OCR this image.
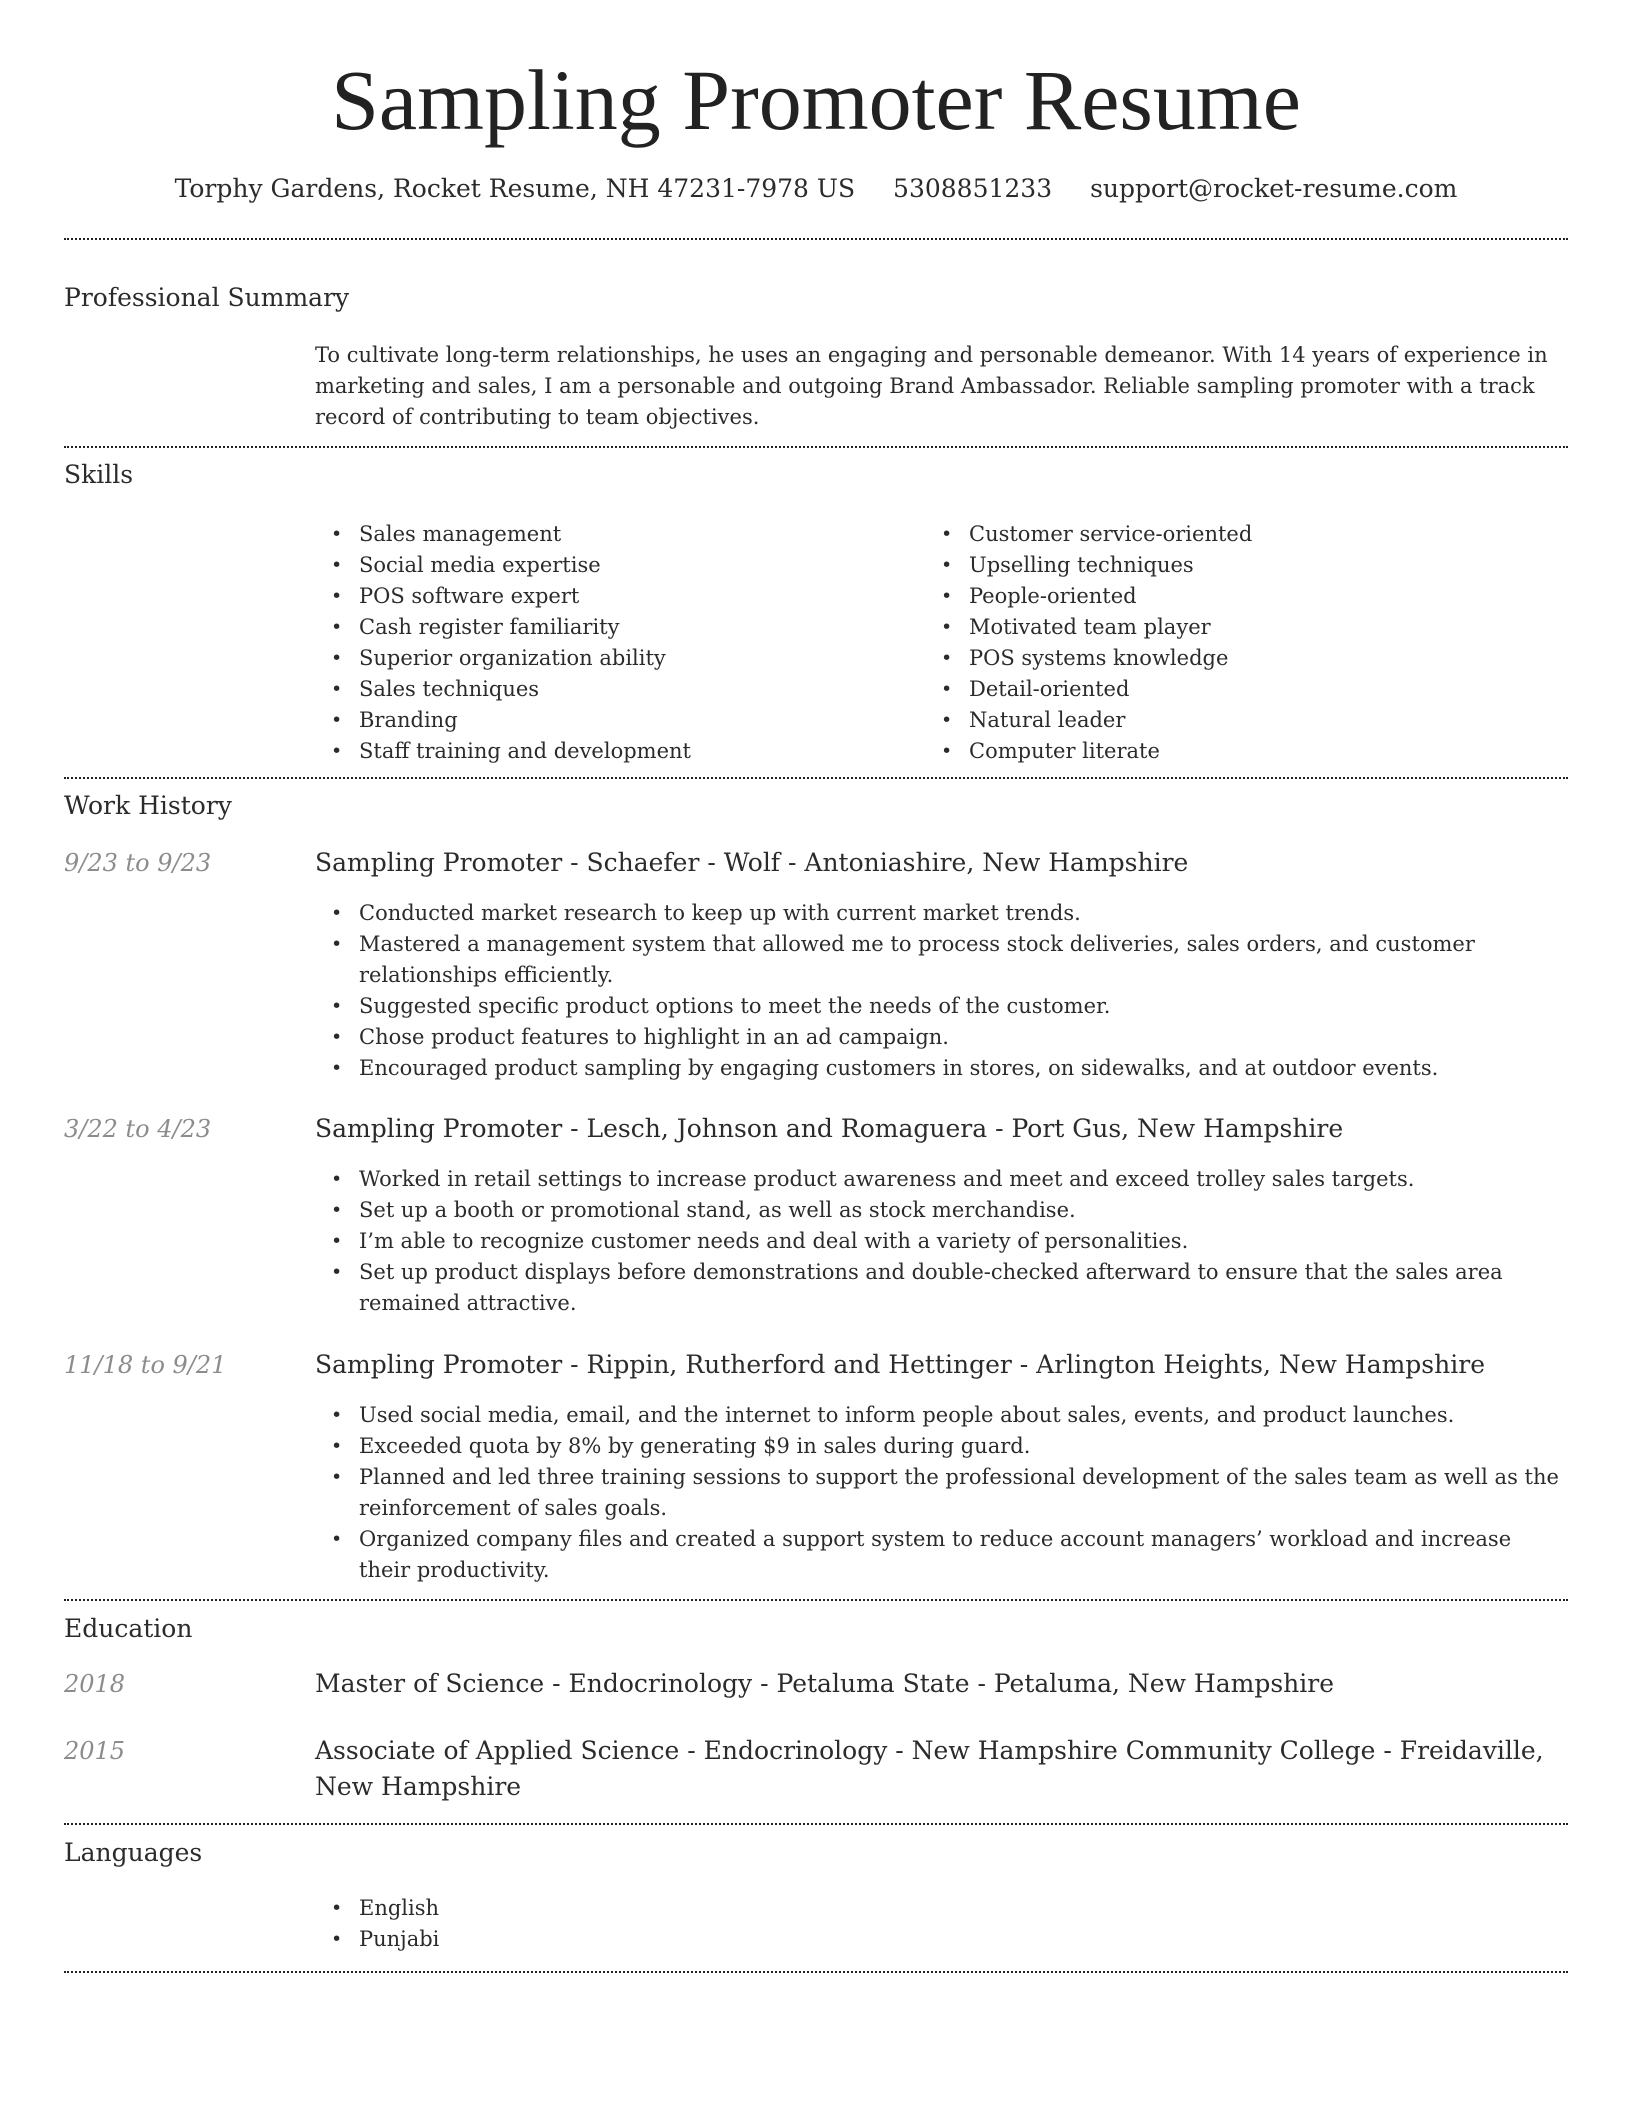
Sampling Promoter Resume
Torphy Gardens, Rocket Resume, NH 47231-7978 US 5308851233 support@rocket-resume.com
Professional Summary
To cultivate long-term relationships, he uses an engaging and personable demeanor. With 14 years of experience in marketing and sales, I am a personable and outgoing Brand Ambassador. Reliable sampling promoter with a track record of contributing to team objectives.
Skills
• Sales management
• Social media expertise
• POS software expert
• Cash register familiarity
• Superior organization ability
• Sales techniques
• Branding
• Staff training and development
• Customer service-oriented
• Upselling techniques
• People-oriented
• Motivated team player
• POS systems knowledge
• Detail-oriented
• Natural leader
• Computer literate
Work History
9/23 to 9/23	Sampling Promoter - Schaefer - Wolf - Antoniashire, New Hampshire
• Conducted market research to keep up with current market trends.
• Mastered a management system that allowed me to process stock deliveries, sales orders, and customer relationships efficiently.
• Suggested specific product options to meet the needs of the customer.
• Chose product features to highlight in an ad campaign.
• Encouraged product sampling by engaging customers in stores, on sidewalks, and at outdoor events.
3/22 to 4/23	Sampling Promoter - Lesch, Johnson and Romaguera - Port Gus, New Hampshire
• Worked in retail settings to increase product awareness and meet and exceed trolley sales targets.
• Set up a booth or promotional stand, as well as stock merchandise.
• I’m able to recognize customer needs and deal with a variety of personalities.
• Set up product displays before demonstrations and double-checked afterward to ensure that the sales area remained attractive.
11/18 to 9/21	Sampling Promoter - Rippin, Rutherford and Hettinger - Arlington Heights, New Hampshire
• Used social media, email, and the internet to inform people about sales, events, and product launches.
• Exceeded quota by 8% by generating $9 in sales during guard.
• Planned and led three training sessions to support the professional development of the sales team as well as the reinforcement of sales goals.
• Organized company files and created a support system to reduce account managers’ workload and increase their productivity.
Education
2018	Master of Science - Endocrinology - Petaluma State - Petaluma, New Hampshire
2015	Associate of Applied Science - Endocrinology - New Hampshire Community College - Freidaville, New Hampshire
Languages
• English
• Punjabi
